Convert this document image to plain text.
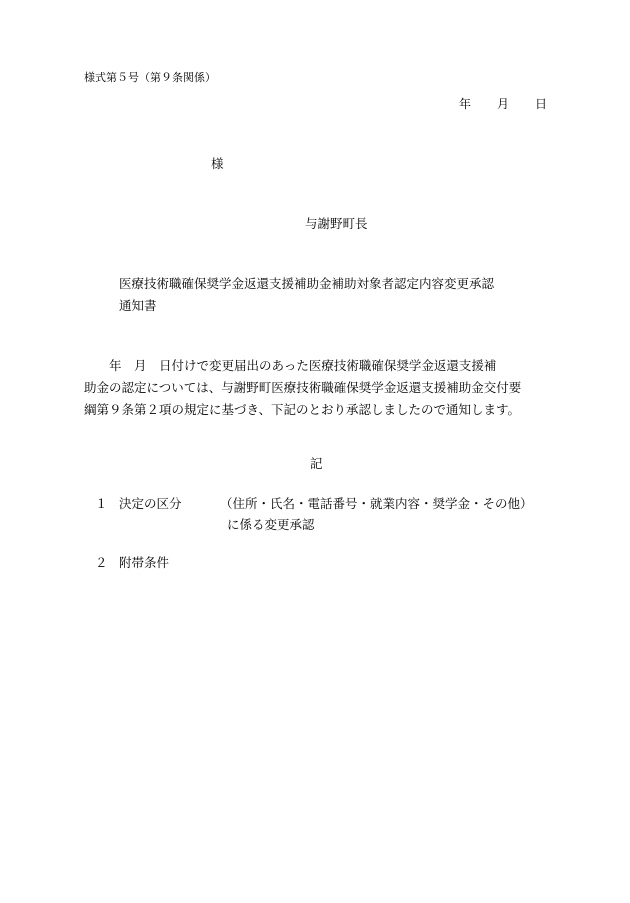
様式第５号（第９条関係）
年 月 日
様
与謝野町長
医療技術職確保奨学金返還支援補助金補助対象者認定内容変更承認
通知書
　　年　月　日付けで変更届出のあった医療技術職確保奨学金返還支援補
助金の認定については、与謝野町医療技術職確保奨学金返還支援補助金交付要
綱第９条第２項の規定に基づき、下記のとおり承認しましたので通知します。
記
１ 決定の区分	（住所・氏名・電話番号・就業内容・奨学金・その他）
に係る変更承認
２ 附帯条件
